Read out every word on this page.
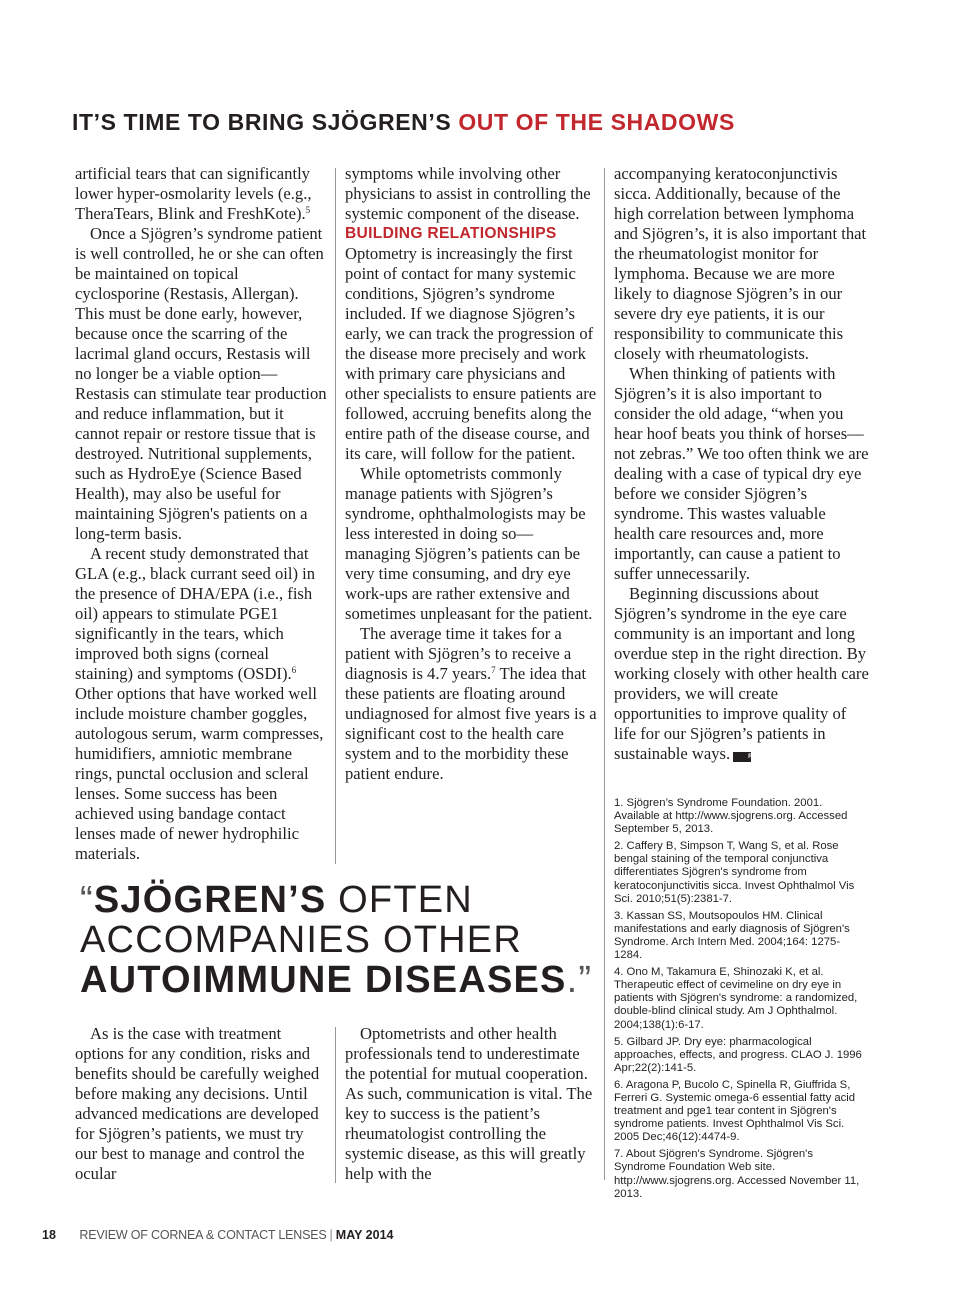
IT’S TIME TO BRING SJÖGREN’S OUT OF THE SHADOWS

artificial tears that can significantly lower hyper-osmolarity levels (e.g., TheraTears, Blink and FreshKote).$^5$

Once a Sjögren’s syndrome patient is well controlled, he or she can often be maintained on topical cyclosporine (Restasis, Allergan). This must be done early, however, because once the scarring of the lacrimal gland occurs, Restasis will no longer be a viable option—Restasis can stimulate tear production and reduce inflammation, but it cannot repair or restore tissue that is destroyed. Nutritional supplements, such as HydroEye (Science Based Health), may also be useful for maintaining Sjögren's patients on a long-term basis.

A recent study demonstrated that GLA (e.g., black currant seed oil) in the presence of DHA/EPA (i.e., fish oil) appears to stimulate PGE1 significantly in the tears, which improved both signs (corneal staining) and symptoms (OSDI).$^6$ Other options that have worked well include moisture chamber goggles, autologous serum, warm compresses, humidifiers, amniotic membrane rings, punctal occlusion and scleral lenses. Some success has been achieved using bandage contact lenses made of newer hydrophilic materials.

symptoms while involving other physicians to assist in controlling the systemic component of the disease.

BUILDING RELATIONSHIPS

Optometry is increasingly the first point of contact for many systemic conditions, Sjögren’s syndrome included. If we diagnose Sjögren’s early, we can track the progression of the disease more precisely and work with primary care physicians and other specialists to ensure patients are followed, accruing benefits along the entire path of the disease course, and its care, will follow for the patient.

While optometrists commonly manage patients with Sjögren’s syndrome, ophthalmologists may be less interested in doing so—managing Sjögren’s patients can be very time consuming, and dry eye work-ups are rather extensive and sometimes unpleasant for the patient.

The average time it takes for a patient with Sjögren’s to receive a diagnosis is 4.7 years.$^7$ The idea that these patients are floating around undiagnosed for almost five years is a significant cost to the health care system and to the morbidity these patient endure.

accompanying keratoconjunctivis sicca. Additionally, because of the high correlation between lymphoma and Sjögren’s, it is also important that the rheumatologist monitor for lymphoma. Because we are more likely to diagnose Sjögren’s in our severe dry eye patients, it is our responsibility to communicate this closely with rheumatologists.

When thinking of patients with Sjögren’s it is also important to consider the old adage, “when you hear hoof beats you think of horses—not zebras.” We too often think we are dealing with a case of typical dry eye before we consider Sjögren’s syndrome. This wastes valuable health care resources and, more importantly, can cause a patient to suffer unnecessarily.

Beginning discussions about Sjögren’s syndrome in the eye care community is an important and long overdue step in the right direction. By working closely with other health care providers, we will create opportunities to improve quality of life for our Sjögren’s patients in sustainable ways.	RCCL

1. Sjögren’s Syndrome Foundation. 2001. Available at http://www.sjogrens.org. Accessed September 5, 2013.

2. Caffery B, Simpson T, Wang S, et al. Rose bengal staining of the temporal conjunctiva differentiates Sjögren's syndrome from keratoconjunctivitis sicca. Invest Ophthalmol Vis Sci. 2010;51(5):2381-7.

3. Kassan SS, Moutsopoulos HM. Clinical manifestations and early diagnosis of Sjögren's Syndrome. Arch Intern Med. 2004;164: 1275-1284.

4. Ono M, Takamura E, Shinozaki K, et al. Therapeutic effect of cevimeline on dry eye in patients with Sjögren's syndrome: a randomized, double-blind clinical study. Am J Ophthalmol. 2004;138(1):6-17.

5. Gilbard JP. Dry eye: pharmacological approaches, effects, and progress. CLAO J. 1996 Apr;22(2):141-5.

6. Aragona P, Bucolo C, Spinella R, Giuffrida S, Ferreri G. Systemic omega-6 essential fatty acid treatment and pge1 tear content in Sjögren's syndrome patients. Invest Ophthalmol Vis Sci. 2005 Dec;46(12):4474-9.

7. About Sjögren's Syndrome. Sjögren's Syndrome Foundation Web site. http://www.sjogrens.org. Accessed November 11, 2013.

“SJÖGREN’S OFTEN
ACCOMPANIES OTHER
AUTOIMMUNE DISEASES.”

As is the case with treatment options for any condition, risks and benefits should be carefully weighed before making any decisions. Until advanced medications are developed for Sjögren’s patients, we must try our best to manage and control the ocular

Optometrists and other health professionals tend to underestimate the potential for mutual cooperation. As such, communication is vital. The key to success is the patient’s rheumatologist controlling the systemic disease, as this will greatly help with the

18 REVIEW OF CORNEA & CONTACT LENSES | MAY 2014
